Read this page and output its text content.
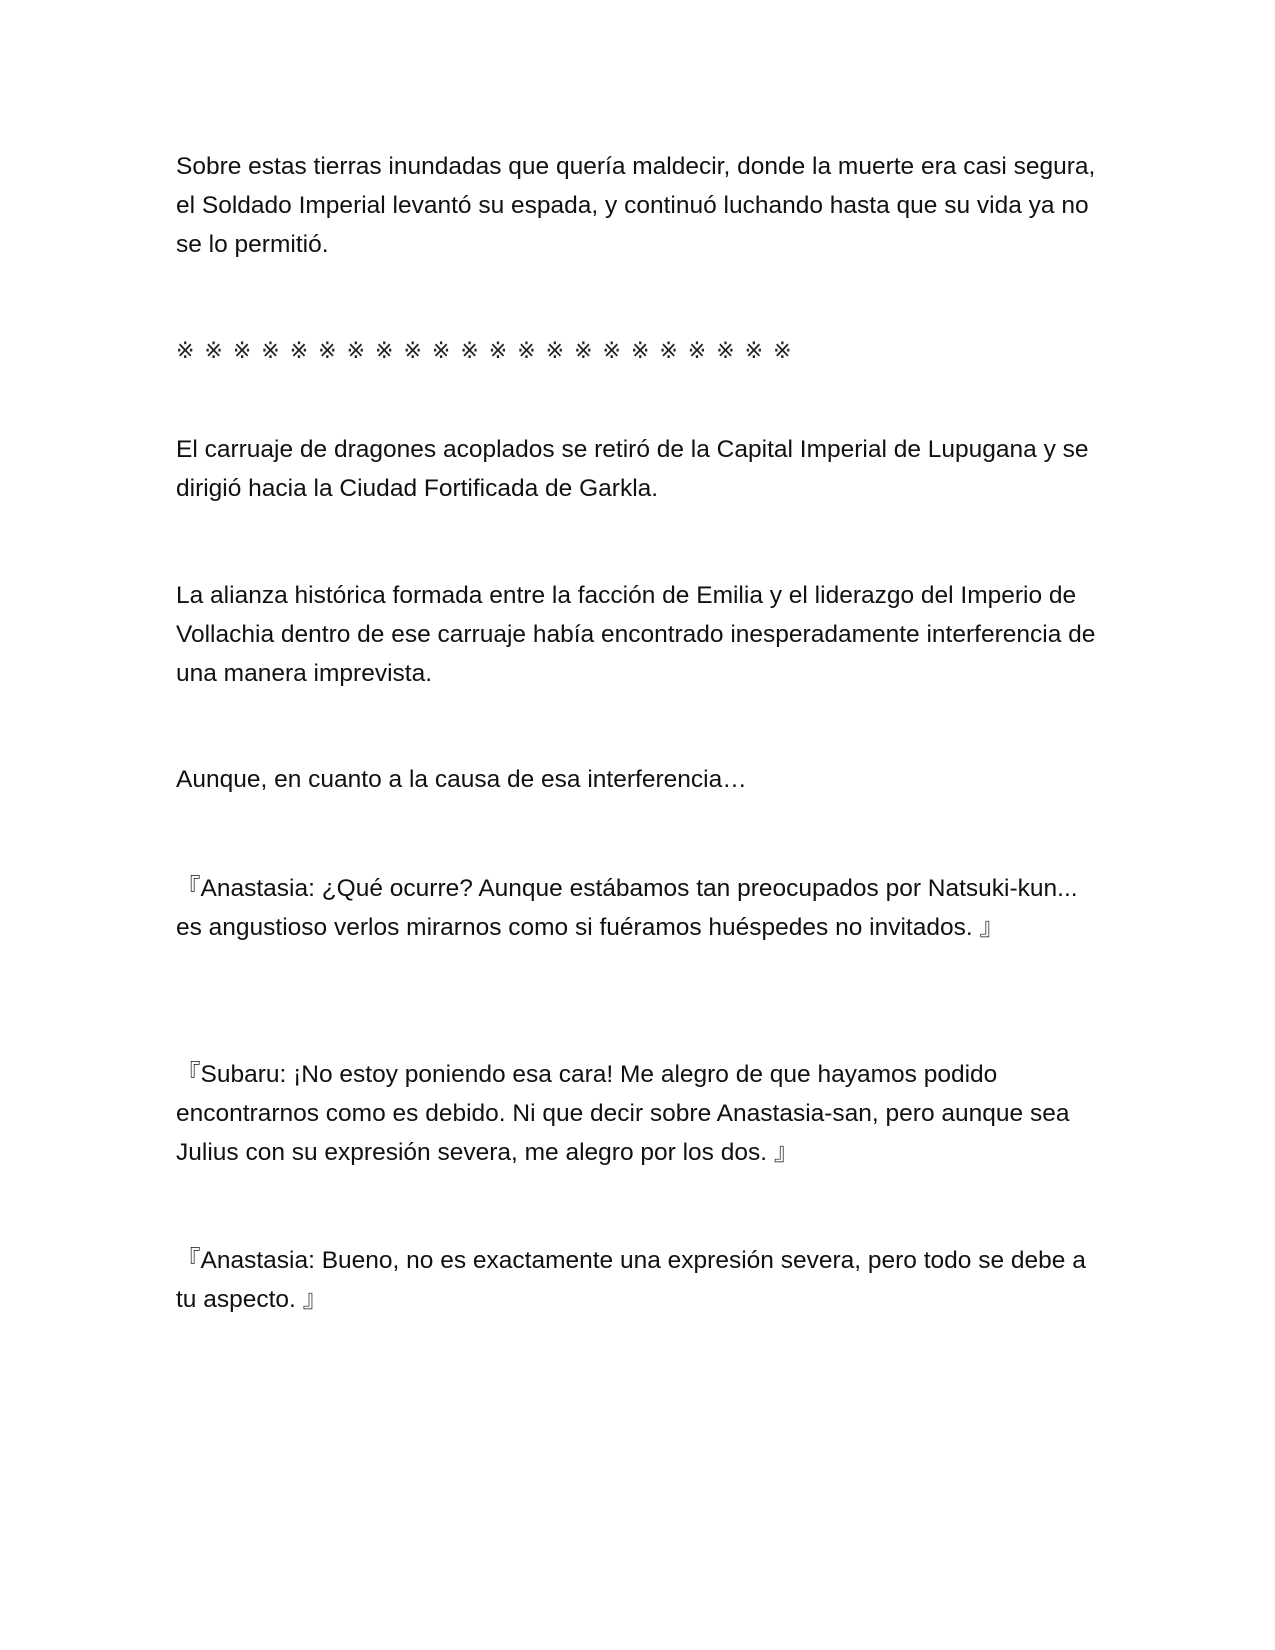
Sobre estas tierras inundadas que quería maldecir, donde la muerte era casi segura, el Soldado Imperial levantó su espada, y continuó luchando hasta que su vida ya no se lo permitió.

※※※※※※※※※※※※※※※※※※※※※※

El carruaje de dragones acoplados se retiró de la Capital Imperial de Lupugana y se dirigió hacia la Ciudad Fortificada de Garkla.

La alianza histórica formada entre la facción de Emilia y el liderazgo del Imperio de Vollachia dentro de ese carruaje había encontrado inesperadamente interferencia de una manera imprevista.

Aunque, en cuanto a la causa de esa interferencia…

『Anastasia: ¿Qué ocurre? Aunque estábamos tan preocupados por Natsuki-kun... es angustioso verlos mirarnos como si fuéramos huéspedes no invitados. 』

『Subaru: ¡No estoy poniendo esa cara! Me alegro de que hayamos podido encontrarnos como es debido. Ni que decir sobre Anastasia-san, pero aunque sea Julius con su expresión severa, me alegro por los dos. 』

『Anastasia: Bueno, no es exactamente una expresión severa, pero todo se debe a tu aspecto. 』
